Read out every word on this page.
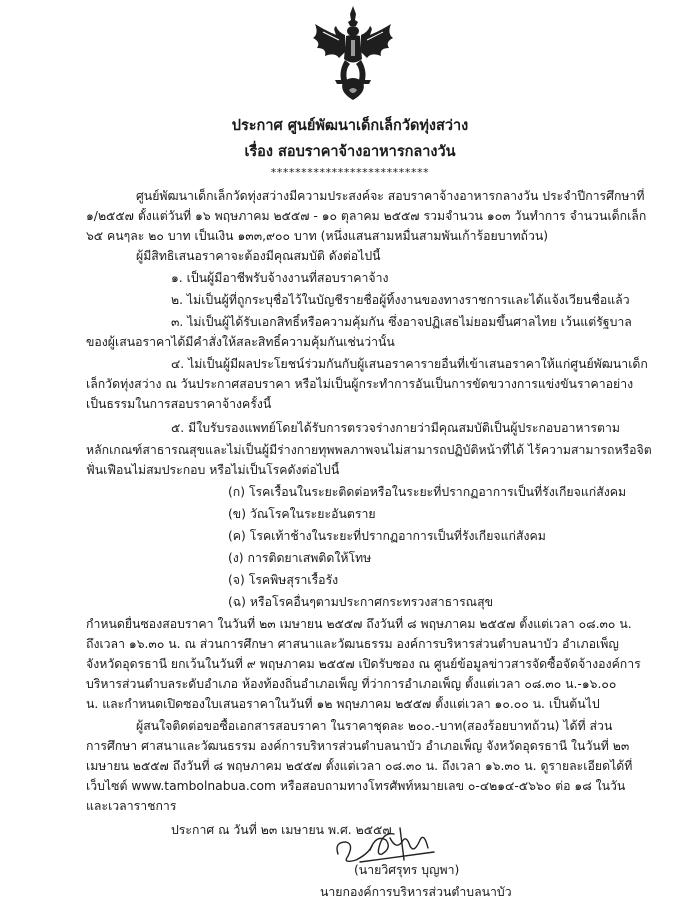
ประกาศ ศูนย์พัฒนาเด็กเล็กวัดทุ่งสว่าง
เรื่อง สอบราคาจ้างอาหารกลางวัน
**************************
ศูนย์พัฒนาเด็กเล็กวัดทุ่งสว่างมีความประสงค์จะ สอบราคาจ้างอาหารกลางวัน ประจำปีการศึกษาที่
๑/๒๕๕๗ ตั้งแต่วันที่ ๑๖ พฤษภาคม ๒๕๕๗ - ๑๐ ตุลาคม ๒๕๕๗ รวมจำนวน ๑๐๓ วันทำการ จำนวนเด็กเล็ก
๖๕ คนๆละ ๒๐ บาท เป็นเงิน ๑๓๓,๙๐๐ บาท (หนึ่งแสนสามหมื่นสามพันเก้าร้อยบาทถ้วน)
ผู้มีสิทธิเสนอราคาจะต้องมีคุณสมบัติ ดังต่อไปนี้
๑. เป็นผู้มีอาชีพรับจ้างงานที่สอบราคาจ้าง
๒. ไม่เป็นผู้ที่ถูกระบุชื่อไว้ในบัญชีรายชื่อผู้ทิ้งงานของทางราชการและได้แจ้งเวียนชื่อแล้ว
๓. ไม่เป็นผู้ได้รับเอกสิทธิ์หรือความคุ้มกัน ซึ่งอาจปฏิเสธไม่ยอมขึ้นศาลไทย เว้นแต่รัฐบาล
ของผู้เสนอราคาได้มีคำสั่งให้สละสิทธิ์ความคุ้มกันเช่นว่านั้น
๔. ไม่เป็นผู้มีผลประโยชน์ร่วมกันกับผู้เสนอราคารายอื่นที่เข้าเสนอราคาให้แก่ศูนย์พัฒนาเด็ก
เล็กวัดทุ่งสว่าง ณ วันประกาศสอบราคา หรือไม่เป็นผู้กระทำการอันเป็นการขัดขวางการแข่งขันราคาอย่าง
เป็นธรรมในการสอบราคาจ้างครั้งนี้
๕. มีใบรับรองแพทย์โดยได้รับการตรวจร่างกายว่ามีคุณสมบัติเป็นผู้ประกอบอาหารตาม
หลักเกณฑ์สาธารณสุขและไม่เป็นผู้มีร่างกายทุพพลภาพจนไม่สามารถปฏิบัติหน้าที่ได้ ไร้ความสามารถหรือจิต
ฟั่นเฟือนไม่สมประกอบ หรือไม่เป็นโรคดังต่อไปนี้
(ก) โรคเรื้อนในระยะติดต่อหรือในระยะที่ปรากฏอาการเป็นที่รังเกียจแก่สังคม
(ข) วัณโรคในระยะอันตราย
(ค) โรคเท้าช้างในระยะที่ปรากฏอาการเป็นที่รังเกียจแก่สังคม
(ง) การติดยาเสพติดให้โทษ
(จ) โรคพิษสุราเรื้อรัง
(ฉ) หรือโรคอื่นๆตามประกาศกระทรวงสาธารณสุข
กำหนดยื่นซองสอบราคา ในวันที่ ๒๓ เมษายน ๒๕๕๗ ถึงวันที่ ๘ พฤษภาคม ๒๕๕๗ ตั้งแต่เวลา ๐๘.๓๐ น.
ถึงเวลา ๑๖.๓๐ น. ณ ส่วนการศึกษา ศาสนาและวัฒนธรรม องค์การบริหารส่วนตำบลนาบัว อำเภอเพ็ญ
จังหวัดอุดรธานี ยกเว้นในวันที่ ๙ พฤษภาคม ๒๕๕๗ เปิดรับซอง ณ ศูนย์ข้อมูลข่าวสารจัดซื้อจัดจ้างองค์การ
บริหารส่วนตำบลระดับอำเภอ ห้องท้องถิ่นอำเภอเพ็ญ ที่ว่าการอำเภอเพ็ญ ตั้งแต่เวลา ๐๘.๓๐ น.-๑๖.๐๐
น. และกำหนดเปิดซองใบเสนอราคาในวันที่ ๑๒ พฤษภาคม ๒๕๕๗ ตั้งแต่เวลา ๑๐.๐๐ น. เป็นต้นไป
ผู้สนใจติดต่อขอซื้อเอกสารสอบราคา ในราคาชุดละ ๒๐๐.-บาท(สองร้อยบาทถ้วน) ได้ที่ ส่วน
การศึกษา ศาสนาและวัฒนธรรม องค์การบริหารส่วนตำบลนาบัว อำเภอเพ็ญ จังหวัดอุดรธานี ในวันที่ ๒๓
เมษายน ๒๕๕๗ ถึงวันที่ ๘ พฤษภาคม ๒๕๕๗ ตั้งแต่เวลา ๐๘.๓๐ น. ถึงเวลา ๑๖.๓๐ น. ดูรายละเอียดได้ที่
เว็บไซต์ www.tambolnabua.com หรือสอบถามทางโทรศัพท์หมายเลข ๐-๔๒๑๔-๕๖๖๐ ต่อ ๑๘ ในวัน
และเวลาราชการ
ประกาศ ณ วันที่ ๒๓ เมษายน พ.ศ. ๒๕๕๗
(นายวิศรุทร บุญพา)
นายกองค์การบริหารส่วนตำบลนาบัว
